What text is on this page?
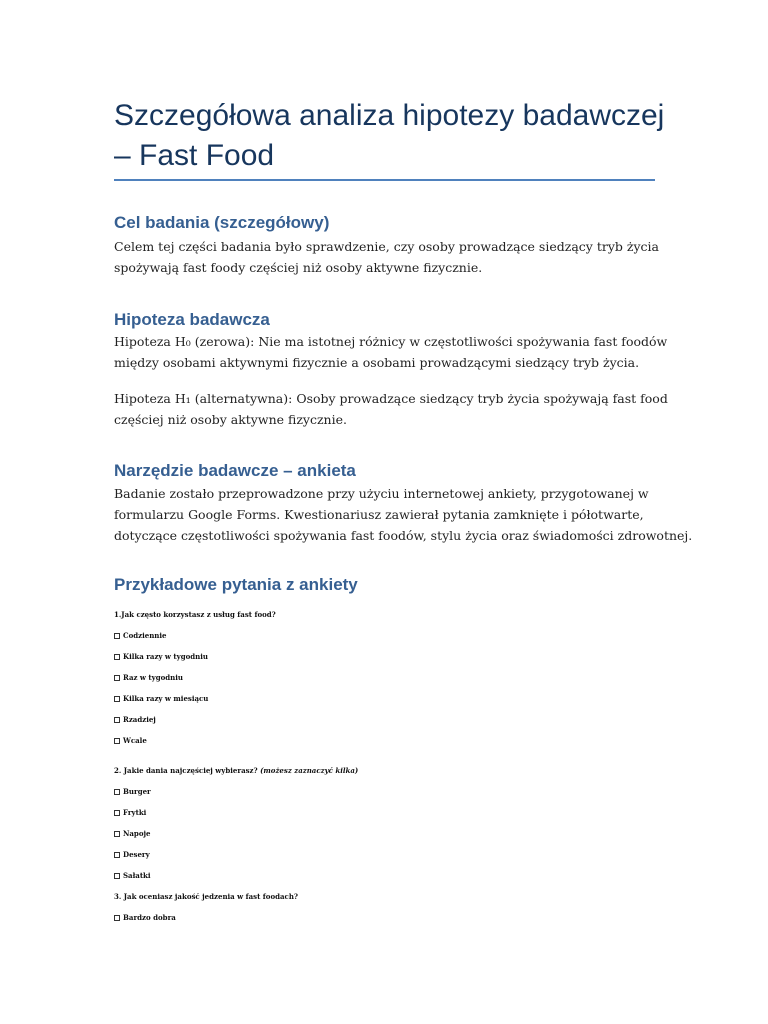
Szczegółowa analiza hipotezy badawczej
– Fast Food
Cel badania (szczegółowy)
Celem tej części badania było sprawdzenie, czy osoby prowadzące siedzący tryb życia
spożywają fast foody częściej niż osoby aktywne fizycznie.
Hipoteza badawcza
Hipoteza H₀ (zerowa): Nie ma istotnej różnicy w częstotliwości spożywania fast foodów
między osobami aktywnymi fizycznie a osobami prowadzącymi siedzący tryb życia.
Hipoteza H₁ (alternatywna): Osoby prowadzące siedzący tryb życia spożywają fast food
częściej niż osoby aktywne fizycznie.
Narzędzie badawcze – ankieta
Badanie zostało przeprowadzone przy użyciu internetowej ankiety, przygotowanej w
formularzu Google Forms. Kwestionariusz zawierał pytania zamknięte i półotwarte,
dotyczące częstotliwości spożywania fast foodów, stylu życia oraz świadomości zdrowotnej.
Przykładowe pytania z ankiety
1.Jak często korzystasz z usług fast food?
Codziennie
Kilka razy w tygodniu
Raz w tygodniu
Kilka razy w miesiącu
Rzadziej
Wcale
2. Jakie dania najczęściej wybierasz? (możesz zaznaczyć kilka)
Burger
Frytki
Napoje
Desery
Sałatki
3. Jak oceniasz jakość jedzenia w fast foodach?
Bardzo dobra
